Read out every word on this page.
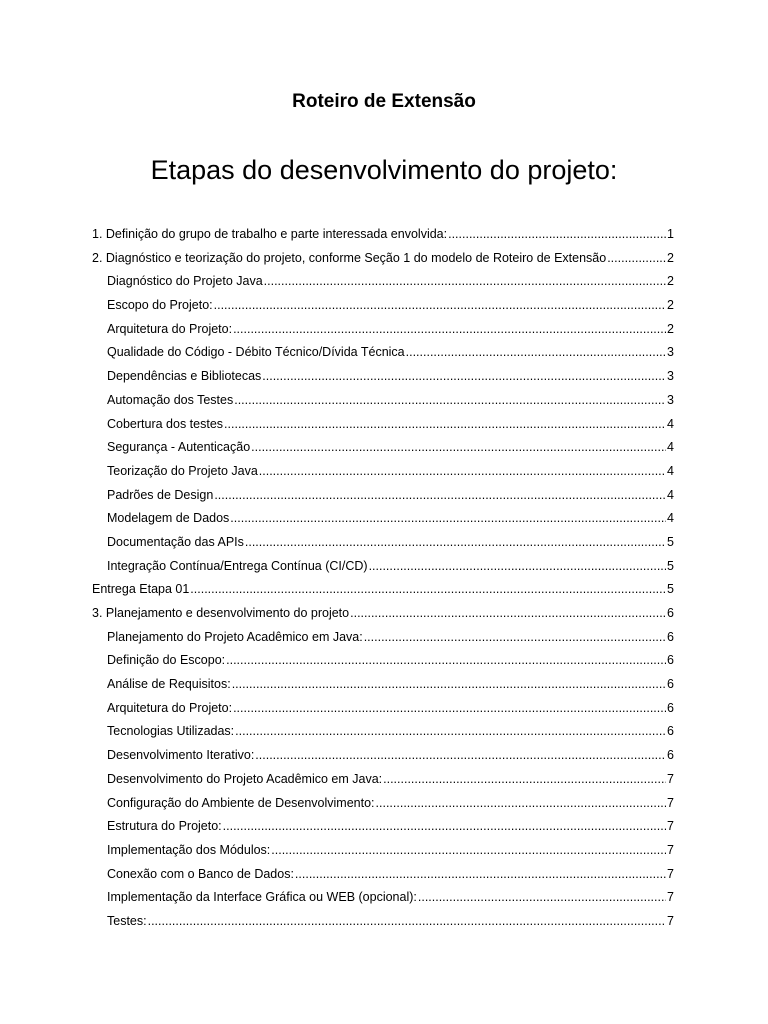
Roteiro de Extensão
Etapas do desenvolvimento do projeto:
1. Definição do grupo de trabalho e parte interessada envolvida: .....	1
2. Diagnóstico e teorização do projeto, conforme Seção 1 do modelo de Roteiro de Extensão .....	2
Diagnóstico do Projeto Java .....	2
Escopo do Projeto: .....	2
Arquitetura do Projeto: .....	2
Qualidade do Código - Débito Técnico/Dívida Técnica .....	3
Dependências e Bibliotecas .....	3
Automação dos Testes .....	3
Cobertura dos testes .....	4
Segurança - Autenticação .....	4
Teorização do Projeto Java .....	4
Padrões de Design .....	4
Modelagem de Dados .....	4
Documentação das APIs .....	5
Integração Contínua/Entrega Contínua (CI/CD) .....	5
Entrega Etapa 01 .....	5
3. Planejamento e desenvolvimento do projeto .....	6
Planejamento do Projeto Acadêmico em Java: .....	6
Definição do Escopo: .....	6
Análise de Requisitos: .....	6
Arquitetura do Projeto: .....	6
Tecnologias Utilizadas: .....	6
Desenvolvimento Iterativo: .....	6
Desenvolvimento do Projeto Acadêmico em Java: .....	7
Configuração do Ambiente de Desenvolvimento: .....	7
Estrutura do Projeto: .....	7
Implementação dos Módulos: .....	7
Conexão com o Banco de Dados: .....	7
Implementação da Interface Gráfica ou WEB (opcional): .....	7
Testes: .....	7
